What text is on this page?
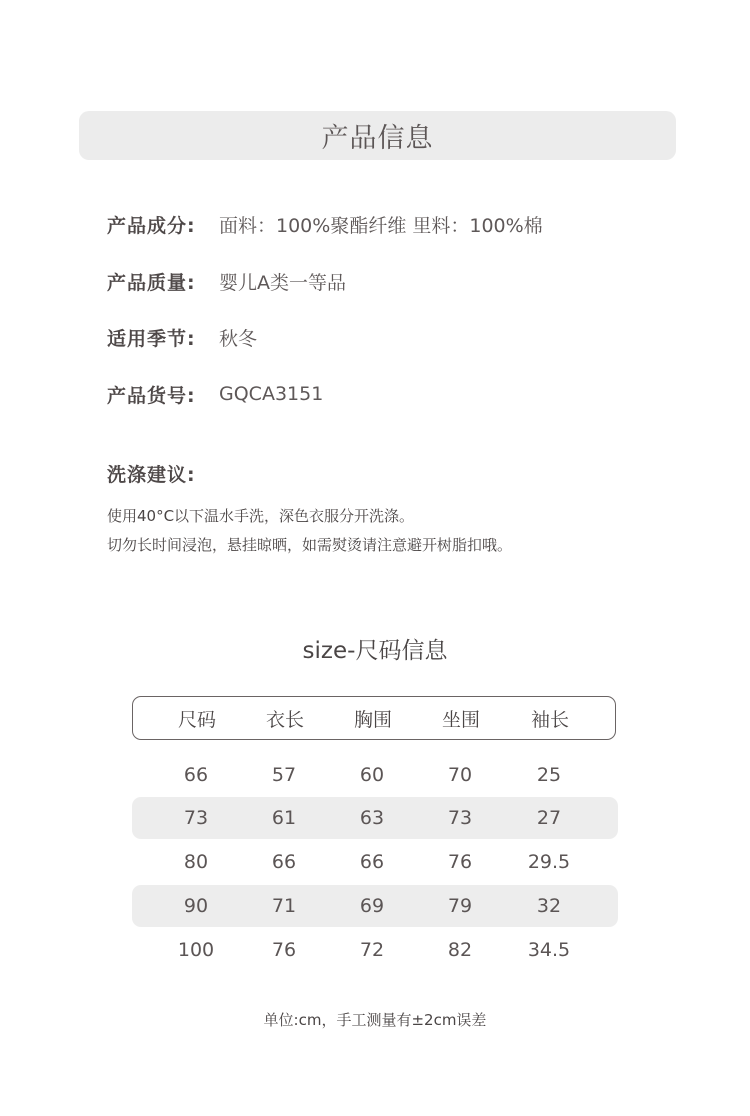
产品信息
产品成分:	面料：100%聚酯纤维 里料：100%棉
产品质量:	婴儿A类一等品
适用季节:	秋冬
产品货号:	GQCA3151
洗涤建议:
使用40°C以下温水手洗，深色衣服分开洗涤。
切勿长时间浸泡，悬挂晾晒，如需熨烫请注意避开树脂扣哦。
size-尺码信息
尺码	衣长	胸围	坐围	袖长
66	57	60	70	25
73	61	63	73	27
80	66	66	76	29.5
90	71	69	79	32
100	76	72	82	34.5
单位:cm，手工测量有±2cm误差
